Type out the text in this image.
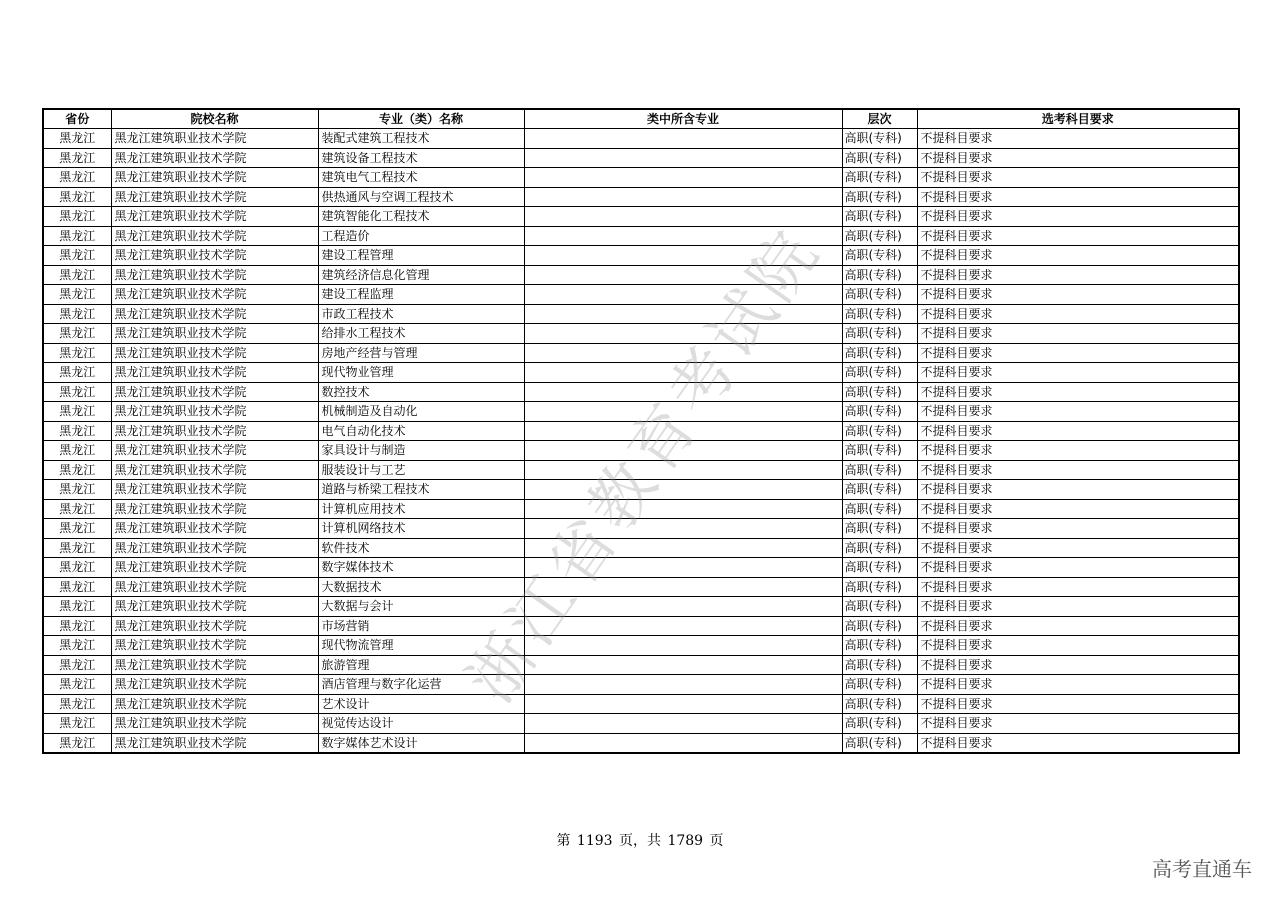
省份	院校名称	专业（类）名称	类中所含专业	层次	选考科目要求
黑龙江	黑龙江建筑职业技术学院	装配式建筑工程技术		高职(专科)	不提科目要求
黑龙江	黑龙江建筑职业技术学院	建筑设备工程技术		高职(专科)	不提科目要求
黑龙江	黑龙江建筑职业技术学院	建筑电气工程技术		高职(专科)	不提科目要求
黑龙江	黑龙江建筑职业技术学院	供热通风与空调工程技术		高职(专科)	不提科目要求
黑龙江	黑龙江建筑职业技术学院	建筑智能化工程技术		高职(专科)	不提科目要求
黑龙江	黑龙江建筑职业技术学院	工程造价		高职(专科)	不提科目要求
黑龙江	黑龙江建筑职业技术学院	建设工程管理		高职(专科)	不提科目要求
黑龙江	黑龙江建筑职业技术学院	建筑经济信息化管理		高职(专科)	不提科目要求
黑龙江	黑龙江建筑职业技术学院	建设工程监理		高职(专科)	不提科目要求
黑龙江	黑龙江建筑职业技术学院	市政工程技术		高职(专科)	不提科目要求
黑龙江	黑龙江建筑职业技术学院	给排水工程技术		高职(专科)	不提科目要求
黑龙江	黑龙江建筑职业技术学院	房地产经营与管理		高职(专科)	不提科目要求
黑龙江	黑龙江建筑职业技术学院	现代物业管理		高职(专科)	不提科目要求
黑龙江	黑龙江建筑职业技术学院	数控技术		高职(专科)	不提科目要求
黑龙江	黑龙江建筑职业技术学院	机械制造及自动化		高职(专科)	不提科目要求
黑龙江	黑龙江建筑职业技术学院	电气自动化技术		高职(专科)	不提科目要求
黑龙江	黑龙江建筑职业技术学院	家具设计与制造		高职(专科)	不提科目要求
黑龙江	黑龙江建筑职业技术学院	服装设计与工艺		高职(专科)	不提科目要求
黑龙江	黑龙江建筑职业技术学院	道路与桥梁工程技术		高职(专科)	不提科目要求
黑龙江	黑龙江建筑职业技术学院	计算机应用技术		高职(专科)	不提科目要求
黑龙江	黑龙江建筑职业技术学院	计算机网络技术		高职(专科)	不提科目要求
黑龙江	黑龙江建筑职业技术学院	软件技术		高职(专科)	不提科目要求
黑龙江	黑龙江建筑职业技术学院	数字媒体技术		高职(专科)	不提科目要求
黑龙江	黑龙江建筑职业技术学院	大数据技术		高职(专科)	不提科目要求
黑龙江	黑龙江建筑职业技术学院	大数据与会计		高职(专科)	不提科目要求
黑龙江	黑龙江建筑职业技术学院	市场营销		高职(专科)	不提科目要求
黑龙江	黑龙江建筑职业技术学院	现代物流管理		高职(专科)	不提科目要求
黑龙江	黑龙江建筑职业技术学院	旅游管理		高职(专科)	不提科目要求
黑龙江	黑龙江建筑职业技术学院	酒店管理与数字化运营		高职(专科)	不提科目要求
黑龙江	黑龙江建筑职业技术学院	艺术设计		高职(专科)	不提科目要求
黑龙江	黑龙江建筑职业技术学院	视觉传达设计		高职(专科)	不提科目要求
黑龙江	黑龙江建筑职业技术学院	数字媒体艺术设计		高职(专科)	不提科目要求
浙江省教育考试院
第 1193 页，共 1789 页
高考直通车
